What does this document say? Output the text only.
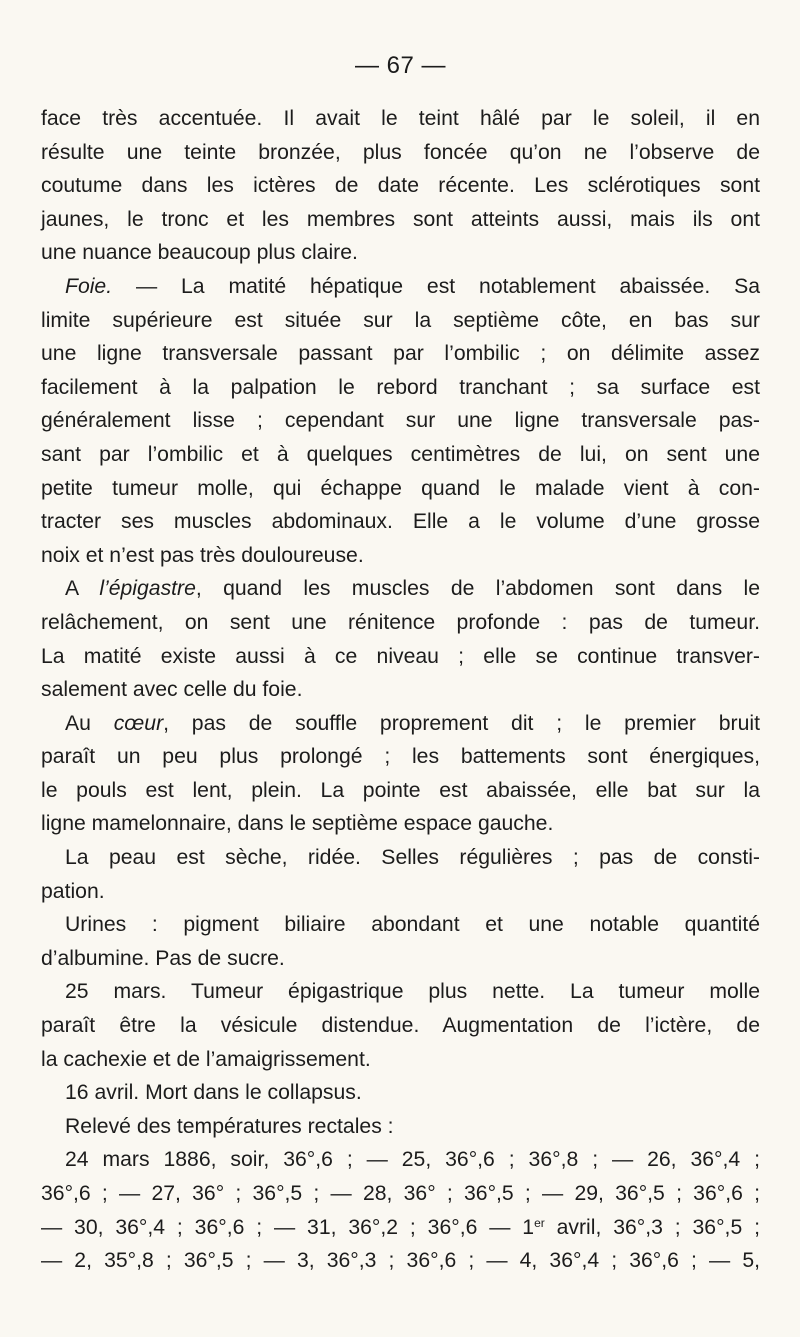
— 67 —

face très accentuée. Il avait le teint hâlé par le soleil, il en

résulte une teinte bronzée, plus foncée qu’on ne l’observe de

coutume dans les ictères de date récente. Les sclérotiques sont

jaunes, le tronc et les membres sont atteints aussi, mais ils ont

une nuance beaucoup plus claire.

Foie. — La matité hépatique est notablement abaissée. Sa

limite supérieure est située sur la septième côte, en bas sur

une ligne transversale passant par l’ombilic ; on délimite assez

facilement à la palpation le rebord tranchant ; sa surface est

généralement lisse ; cependant sur une ligne transversale pas-

sant par l’ombilic et à quelques centimètres de lui, on sent une

petite tumeur molle, qui échappe quand le malade vient à con-

tracter ses muscles abdominaux. Elle a le volume d’une grosse

noix et n’est pas très douloureuse.

A l’épigastre, quand les muscles de l’abdomen sont dans le

relâchement, on sent une rénitence profonde : pas de tumeur.

La matité existe aussi à ce niveau ; elle se continue transver-

salement avec celle du foie.

Au cœur, pas de souffle proprement dit ; le premier bruit

paraît un peu plus prolongé ; les battements sont énergiques,

le pouls est lent, plein. La pointe est abaissée, elle bat sur la

ligne mamelonnaire, dans le septième espace gauche.

La peau est sèche, ridée. Selles régulières ; pas de consti-

pation.

Urines : pigment biliaire abondant et une notable quantité

d’albumine. Pas de sucre.

25 mars. Tumeur épigastrique plus nette. La tumeur molle

paraît être la vésicule distendue. Augmentation de l’ictère, de

la cachexie et de l’amaigrissement.

16 avril. Mort dans le collapsus.

Relevé des températures rectales :

24 mars 1886, soir, 36°,6 ; — 25, 36°,6 ; 36°,8 ; — 26, 36°,4 ;

36°,6 ; — 27, 36° ; 36°,5 ; — 28, 36° ; 36°,5 ; — 29, 36°,5 ; 36°,6 ;

— 30, 36°,4 ; 36°,6 ; — 31, 36°,2 ; 36°,6 — 1er avril, 36°,3 ; 36°,5 ;

— 2, 35°,8 ; 36°,5 ; — 3, 36°,3 ; 36°,6 ; — 4, 36°,4 ; 36°,6 ; — 5,
